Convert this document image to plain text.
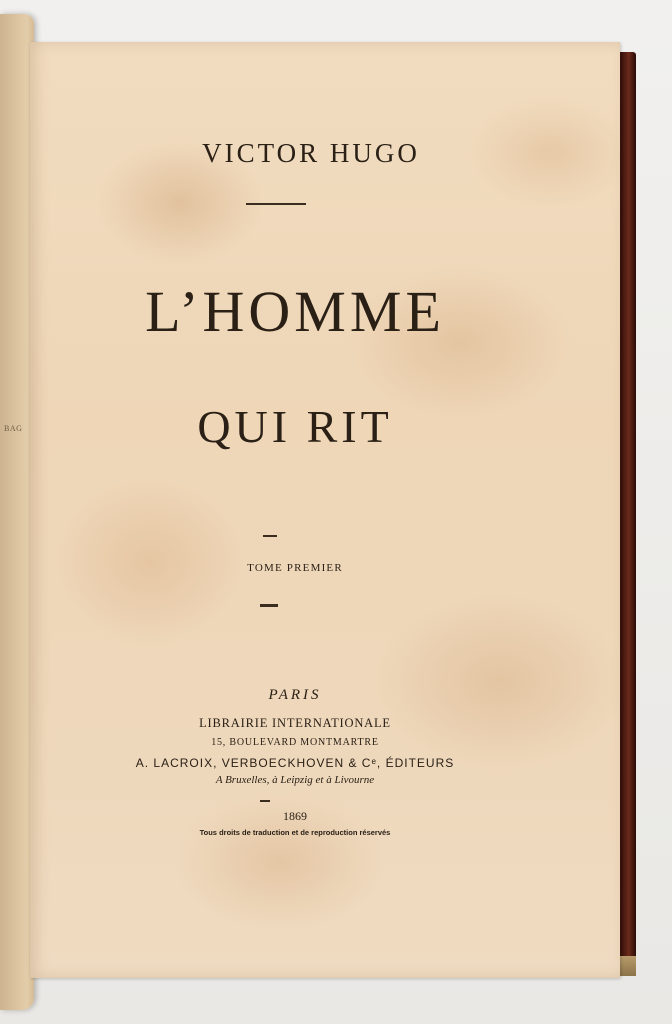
BAG
VICTOR HUGO
L’HOMME
QUI RIT
TOME PREMIER
PARIS
LIBRAIRIE INTERNATIONALE
15, BOULEVARD MONTMARTRE
A. LACROIX, VERBOECKHOVEN & Cᵉ, ÉDITEURS
A Bruxelles, à Leipzig et à Livourne
1869
Tous droits de traduction et de reproduction réservés
